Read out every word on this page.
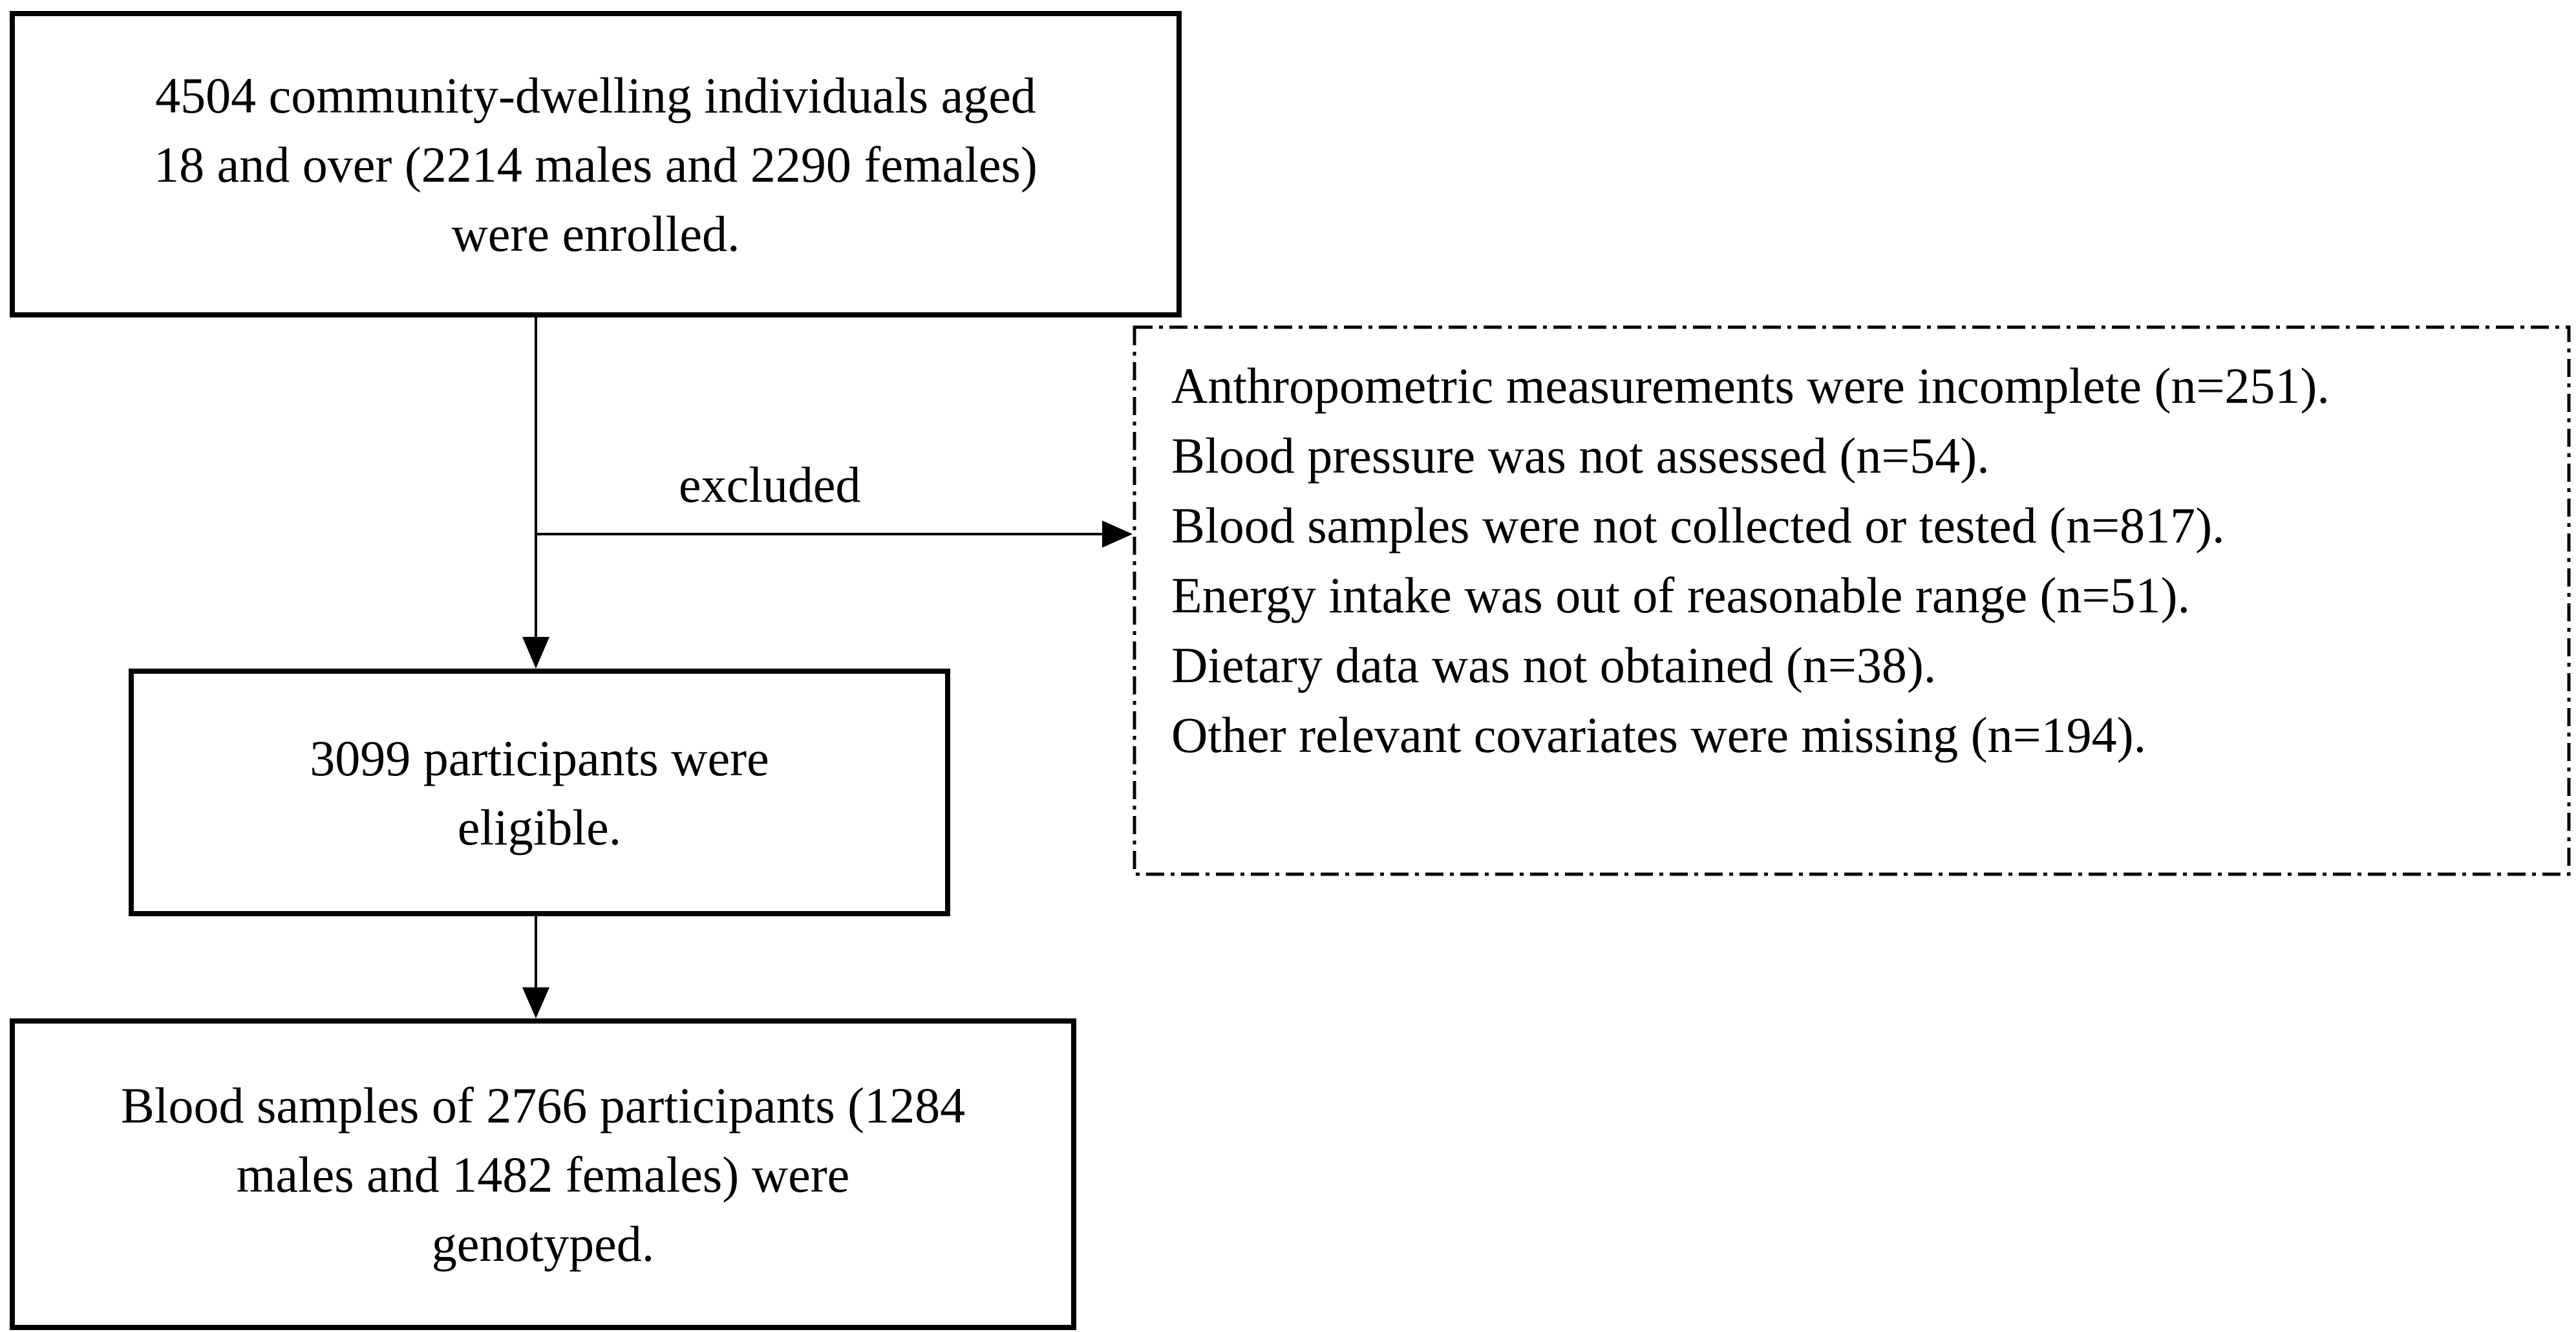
excluded
4504 community-dwelling individuals aged
18 and over (2214 males and 2290 females)
were enrolled.
3099 participants were
eligible.
Blood samples of 2766 participants (1284
males and 1482 females) were
genotyped.
Anthropometric measurements were incomplete (n=251).
Blood pressure was not assessed (n=54).
Blood samples were not collected or tested (n=817).
Energy intake was out of reasonable range (n=51).
Dietary data was not obtained (n=38).
Other relevant covariates were missing (n=194).
